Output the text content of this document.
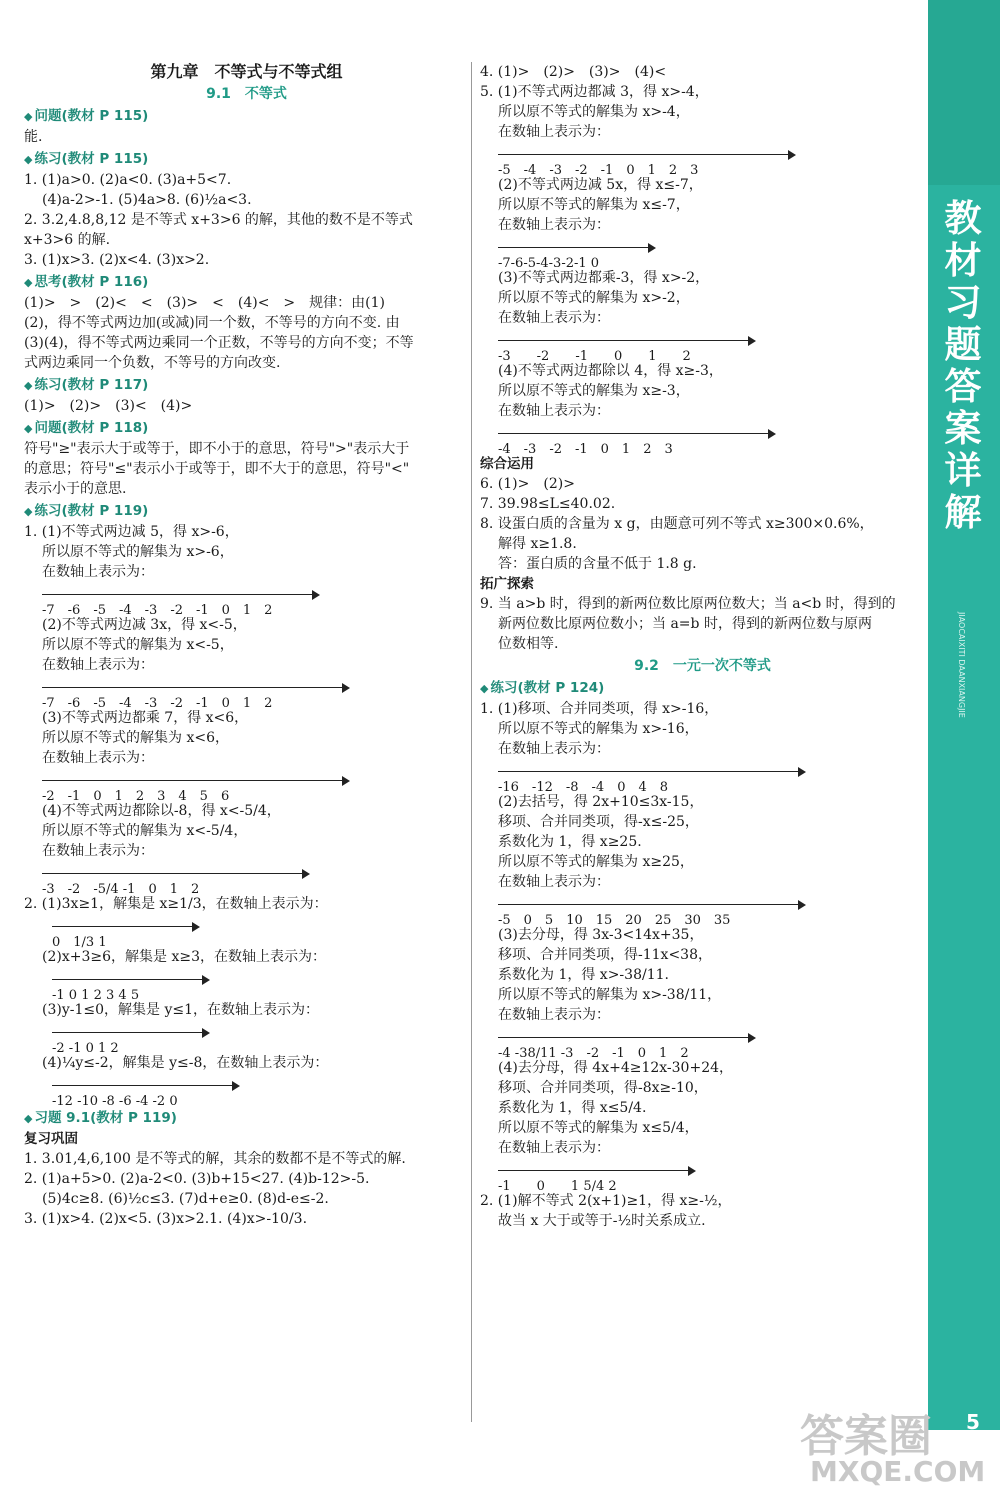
教材习题答案详解
JIAOCAIXITI DAANXIANGJIE
5
第九章　不等式与不等式组
9.1　不等式
◆ 问题(教材 P 115)
能.
◆ 练习(教材 P 115)
1. (1)a>0. (2)a<0. (3)a+5<7.
(4)a-2>-1. (5)4a>8. (6)½a<3.
2. 3.2,4.8,8,12 是不等式 x+3>6 的解，其他的数不是不等式
x+3>6 的解.
3. (1)x>3. (2)x<4. (3)x>2.
◆ 思考(教材 P 116)
(1)>　>　(2)<　<　(3)>　<　(4)<　>　规律：由(1)
(2)，得不等式两边加(或减)同一个数，不等号的方向不变. 由
(3)(4)，得不等式两边乘同一个正数，不等号的方向不变；不等
式两边乘同一个负数，不等号的方向改变.
◆ 练习(教材 P 117)
(1)>　(2)>　(3)<　(4)>
◆ 问题(教材 P 118)
符号"≥"表示大于或等于，即不小于的意思，符号">"表示大于
的意思；符号"≤"表示小于或等于，即不大于的意思，符号"<"
表示小于的意思.
◆ 练习(教材 P 119)
1. (1)不等式两边减 5，得 x>-6，
所以原不等式的解集为 x>-6，
在数轴上表示为：
-7　-6　-5　-4　-3　-2　-1　0　1　2
(2)不等式两边减 3x，得 x<-5，
所以原不等式的解集为 x<-5，
在数轴上表示为：
-7　-6　-5　-4　-3　-2　-1　0　1　2
(3)不等式两边都乘 7，得 x<6，
所以原不等式的解集为 x<6，
在数轴上表示为：
-2　-1　0　1　2　3　4　5　6
(4)不等式两边都除以-8，得 x<-5/4，
所以原不等式的解集为 x<-5/4，
在数轴上表示为：
-3　-2　-5/4 -1　0　1　2
2. (1)3x≥1，解集是 x≥1/3，在数轴上表示为：
0　1/3 1
(2)x+3≥6，解集是 x≥3，在数轴上表示为：
-1 0 1 2 3 4 5
(3)y-1≤0，解集是 y≤1，在数轴上表示为：
-2 -1 0 1 2
(4)¼y≤-2，解集是 y≤-8，在数轴上表示为：
-12 -10 -8 -6 -4 -2 0
◆ 习题 9.1(教材 P 119)
复习巩固
1. 3.01,4,6,100 是不等式的解，其余的数都不是不等式的解.
2. (1)a+5>0. (2)a-2<0. (3)b+15<27. (4)b-12>-5.
(5)4c≥8. (6)½c≤3. (7)d+e≥0. (8)d-e≤-2.
3. (1)x>4. (2)x<5. (3)x>2.1. (4)x>-10/3.
4. (1)>　(2)>　(3)>　(4)<
5. (1)不等式两边都减 3，得 x>-4，
所以原不等式的解集为 x>-4，
在数轴上表示为：
-5　-4　-3　-2　-1　0　1　2　3
(2)不等式两边减 5x，得 x≤-7，
所以原不等式的解集为 x≤-7，
在数轴上表示为：
-7-6-5-4-3-2-1 0
(3)不等式两边都乘-3，得 x>-2，
所以原不等式的解集为 x>-2，
在数轴上表示为：
-3　　-2　　-1　　0　　1　　2
(4)不等式两边都除以 4，得 x≥-3，
所以原不等式的解集为 x≥-3，
在数轴上表示为：
-4　-3　-2　-1　0　1　2　3
综合运用
6. (1)>　(2)>
7. 39.98≤L≤40.02.
8. 设蛋白质的含量为 x g，由题意可列不等式 x≥300×0.6%，
解得 x≥1.8.
答：蛋白质的含量不低于 1.8 g.
拓广探索
9. 当 a>b 时，得到的新两位数比原两位数大；当 a<b 时，得到的
新两位数比原两位数小；当 a=b 时，得到的新两位数与原两
位数相等.
9.2　一元一次不等式
◆ 练习(教材 P 124)
1. (1)移项、合并同类项，得 x>-16，
所以原不等式的解集为 x>-16，
在数轴上表示为：
-16　-12　-8　-4　0　4　8
(2)去括号，得 2x+10≤3x-15，
移项、合并同类项，得-x≤-25，
系数化为 1，得 x≥25.
所以原不等式的解集为 x≥25，
在数轴上表示为：
-5　0　5　10　15　20　25　30　35
(3)去分母，得 3x-3<14x+35，
移项、合并同类项，得-11x<38，
系数化为 1，得 x>-38/11.
所以原不等式的解集为 x>-38/11，
在数轴上表示为：
-4 -38/11 -3　-2　-1　0　1　2
(4)去分母，得 4x+4≥12x-30+24，
移项、合并同类项，得-8x≥-10，
系数化为 1，得 x≤5/4.
所以原不等式的解集为 x≤5/4，
在数轴上表示为：
-1　　0　　1 5/4 2
2. (1)解不等式 2(x+1)≥1，得 x≥-½，
故当 x 大于或等于-½时关系成立.
答案圈
MXQE.COM
